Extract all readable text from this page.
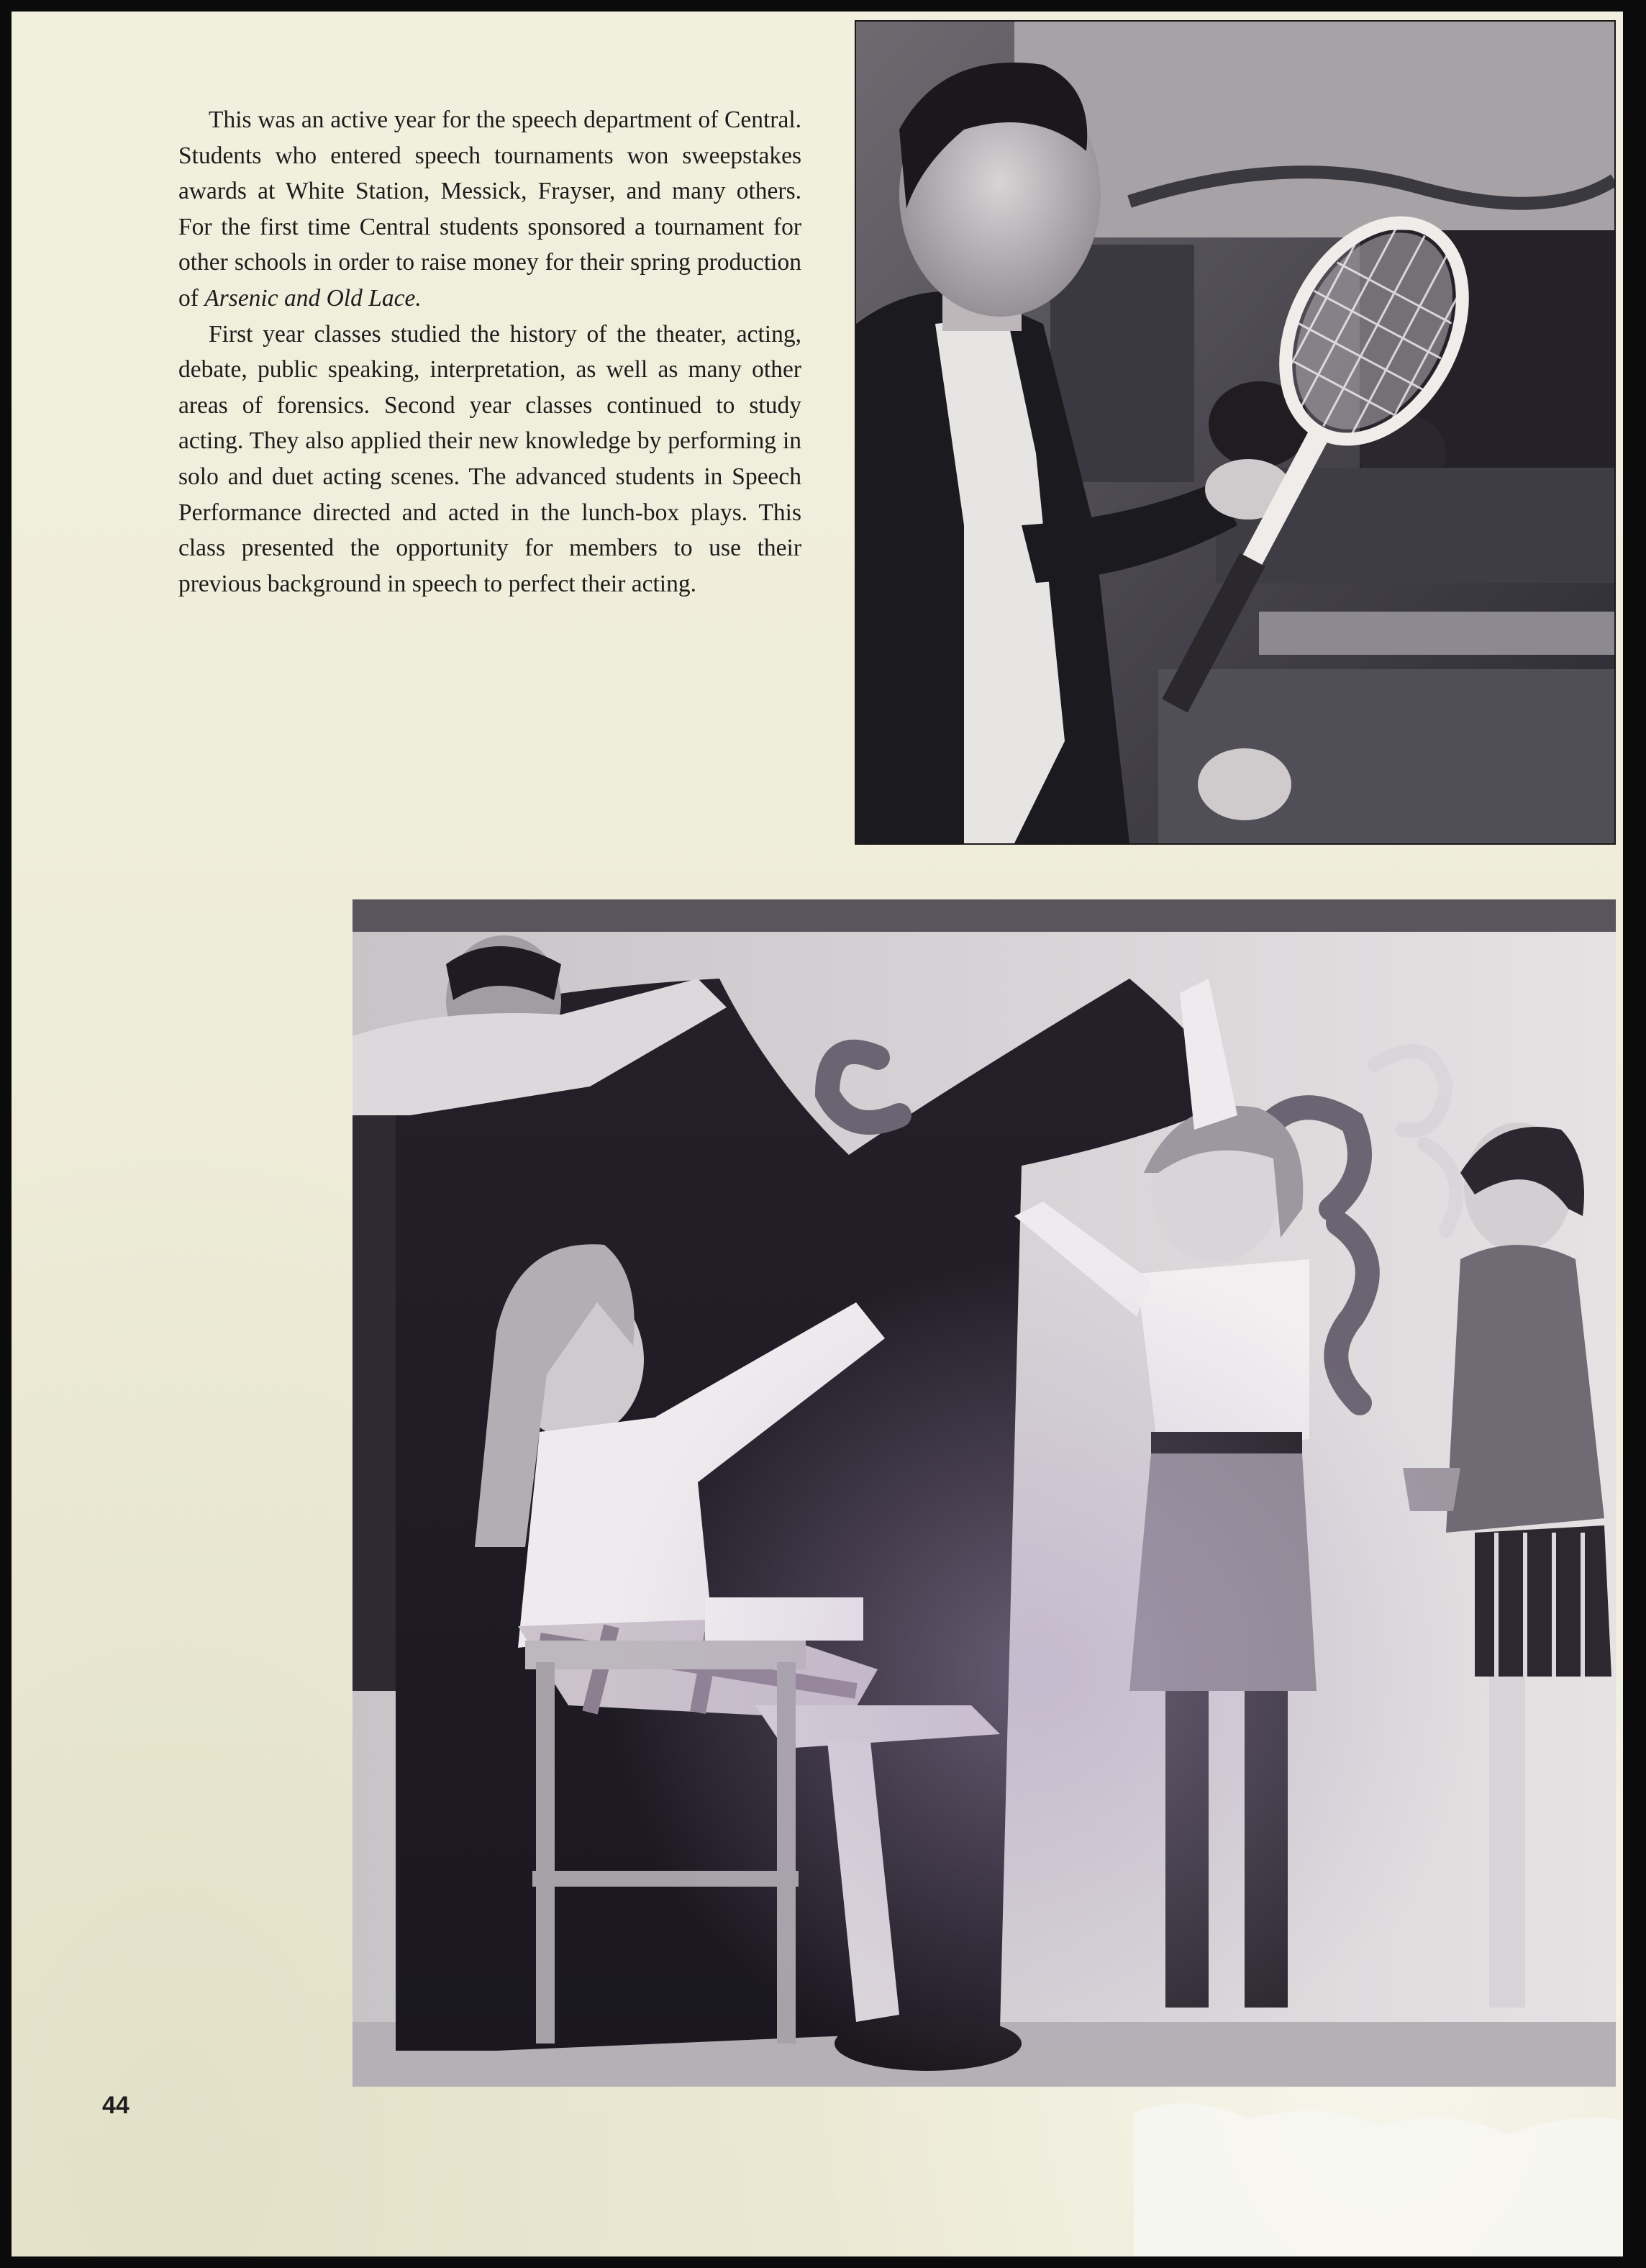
This was an active year for the speech department of Central. Students who entered speech tournaments won sweepstakes awards at White Station, Messick, Frayser, and many others. For the first time Central students sponsored a tournament for other schools in order to raise money for their spring production of Arsenic and Old Lace.

First year classes studied the history of the theater, acting, debate, public speaking, interpretation, as well as many other areas of forensics. Second year classes continued to study acting. They also applied their new knowledge by performing in solo and duet acting scenes. The advanced students in Speech Performance directed and acted in the lunch-box plays. This class presented the opportunity for members to use their previous background in speech to perfect their acting.

44
